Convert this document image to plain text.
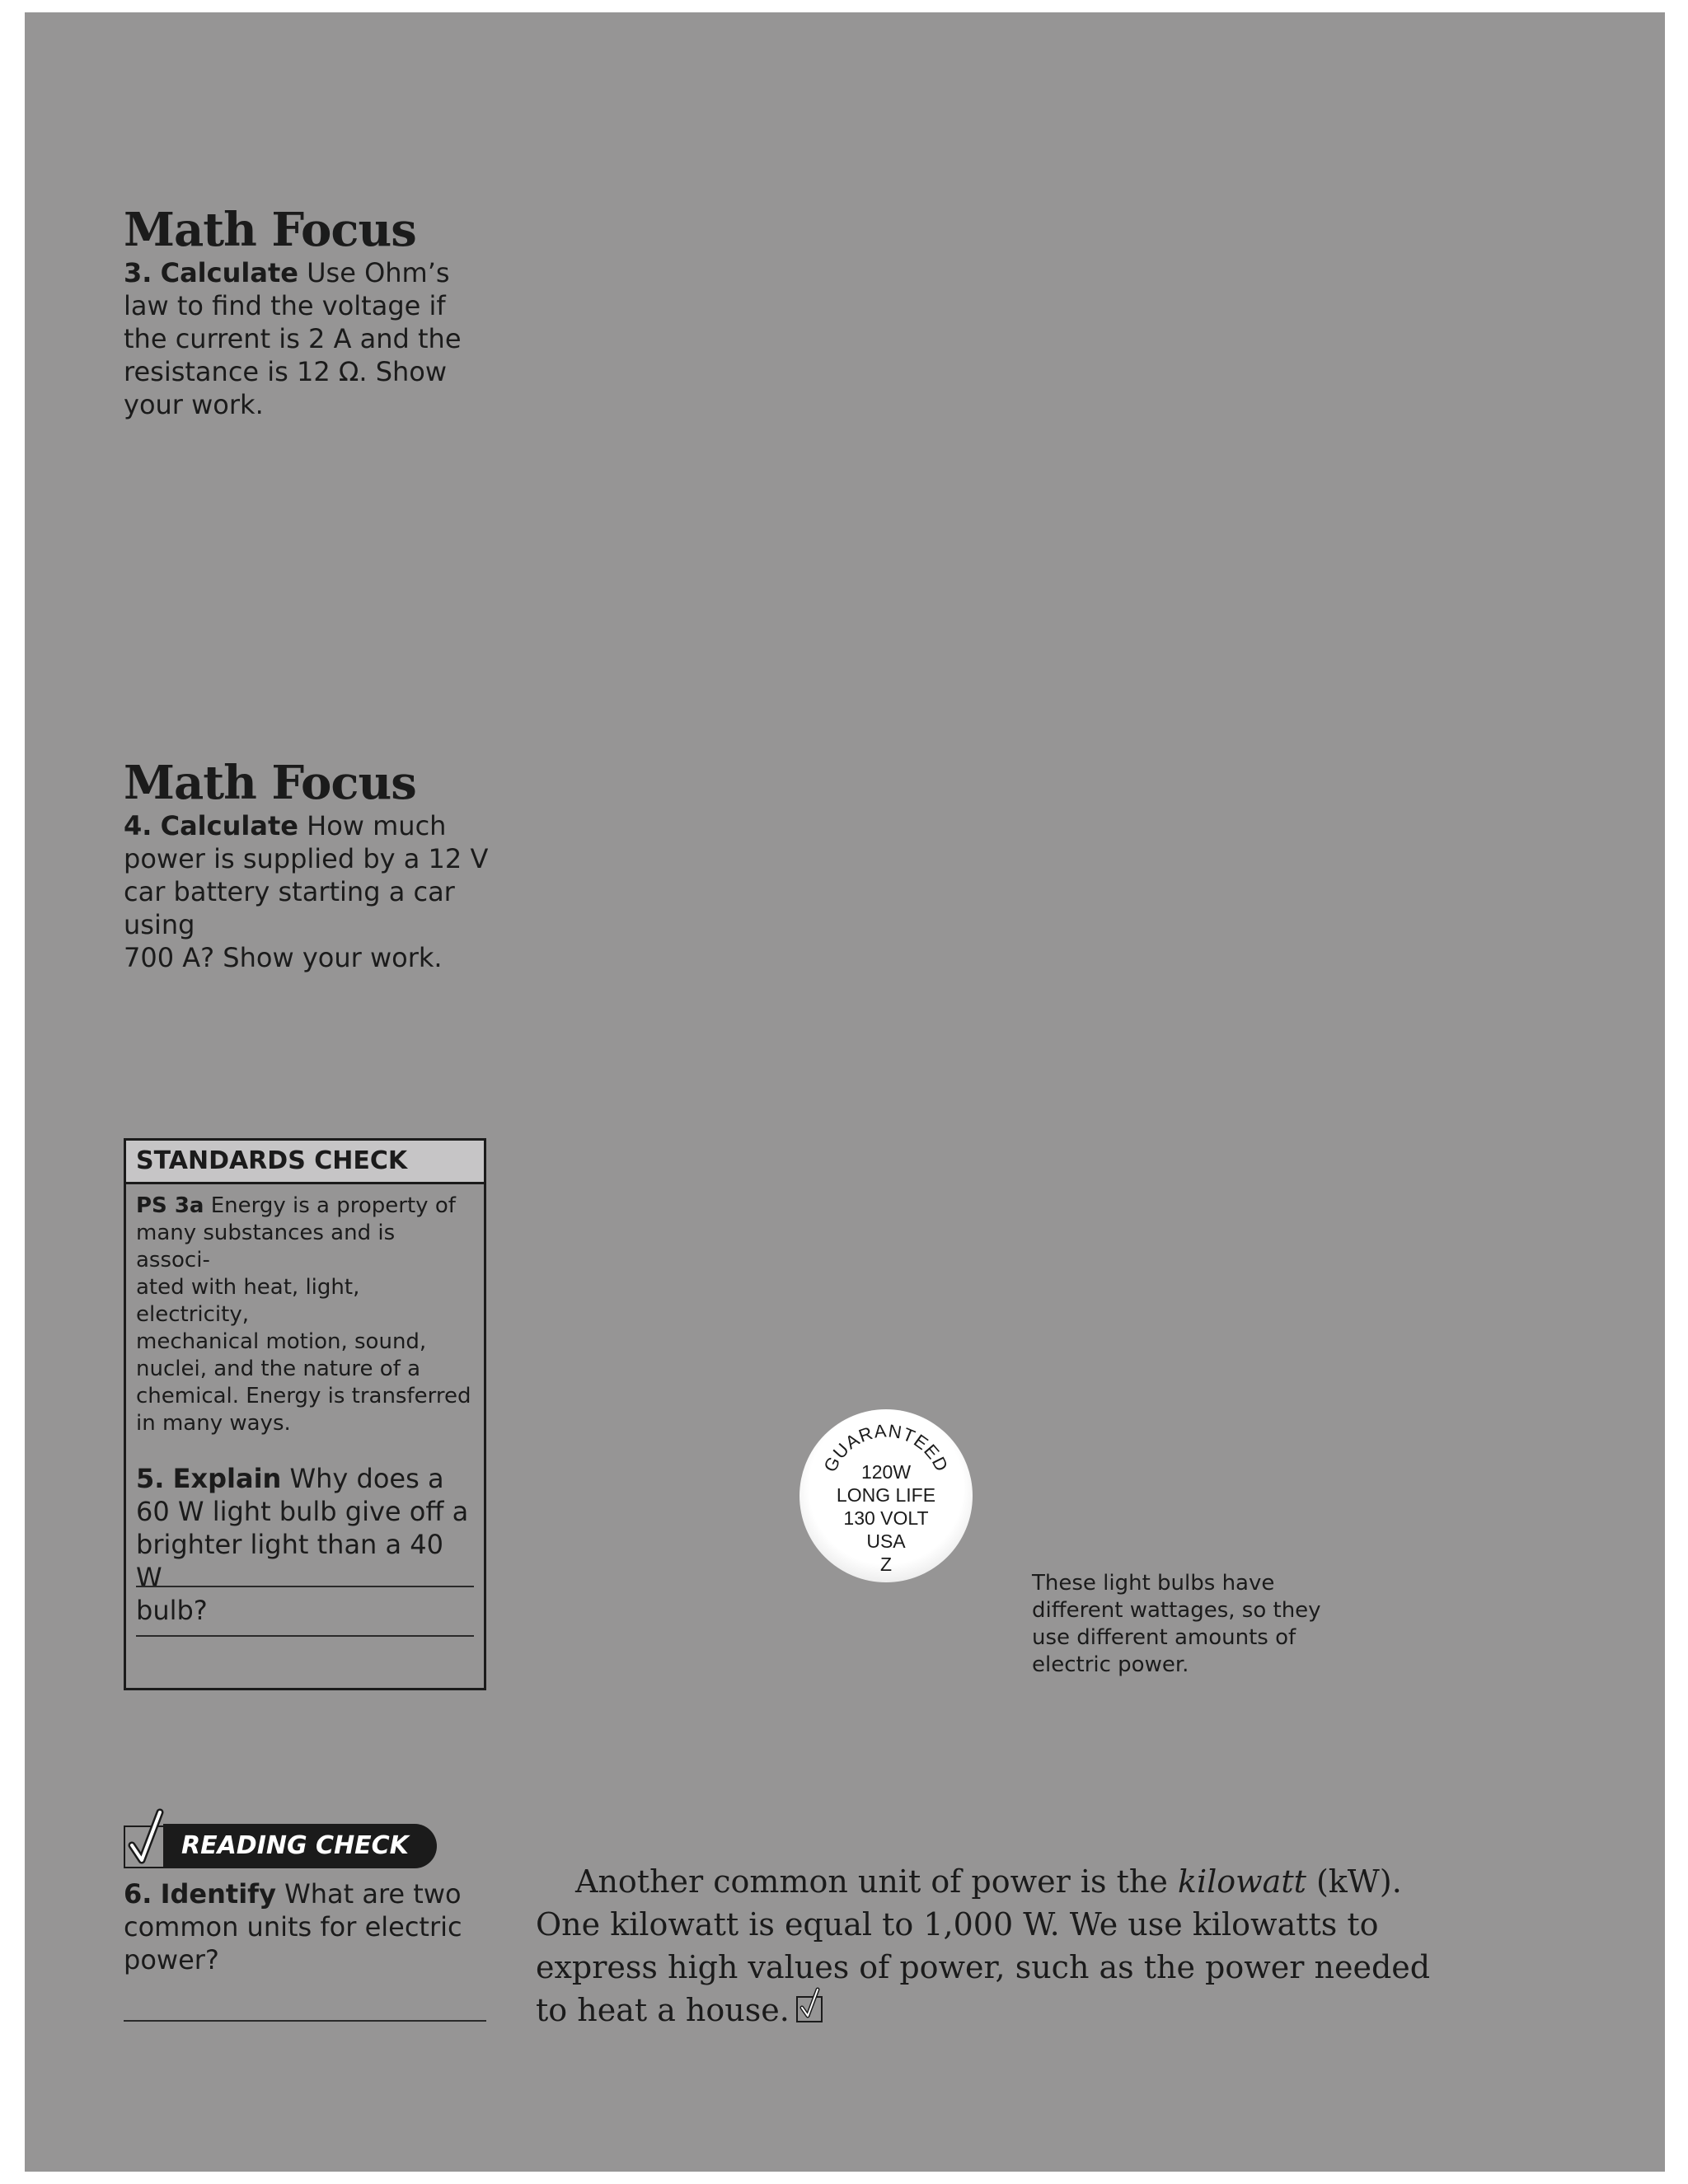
Math Focus

3. Calculate Use Ohm’s
law to find the voltage if
the current is 2 A and the
resistance is 12 Ω. Show
your work.

Math Focus

4. Calculate How much
power is supplied by a 12 V
car battery starting a car using
700 A? Show your work.

STANDARDS CHECK
PS 3a Energy is a property of
many substances and is associ-
ated with heat, light, electricity,
mechanical motion, sound,
nuclei, and the nature of a
chemical. Energy is transferred
in many ways.
5. Explain Why does a
60 W light bulb give off a
brighter light than a 40 W
bulb?
READING CHECK

6. Identify What are two
common units for electric
power?

GUARANTEED
120W
LONG LIFE
130 VOLT
USA
Z
These light bulbs have
different wattages, so they
use different amounts of
electric power.
Another common unit of power is the kilowatt (kW).
One kilowatt is equal to 1,000 W. We use kilowatts to
express high values of power, such as the power needed
to heat a house.
